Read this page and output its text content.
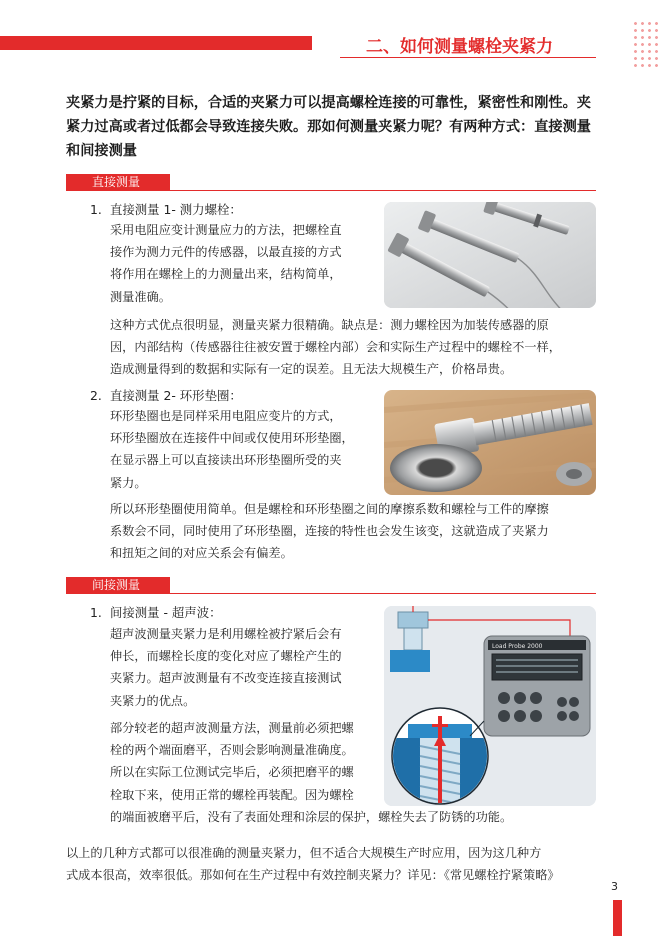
二、如何测量螺栓夹紧力
夹紧力是拧紧的目标，合适的夹紧力可以提高螺栓连接的可靠性，紧密性和刚性。夹紧力过高或者过低都会导致连接失败。那如何测量夹紧力呢？有两种方式：直接测量和间接测量
直接测量
1. 直接测量 1- 测力螺栓：
采用电阻应变计测量应力的方法，把螺栓直
接作为测力元件的传感器，以最直接的方式
将作用在螺栓上的力测量出来，结构简单，
测量准确。
这种方式优点很明显，测量夹紧力很精确。缺点是：测力螺栓因为加装传感器的原
因，内部结构（传感器往往被安置于螺栓内部）会和实际生产过程中的螺栓不一样，
造成测量得到的数据和实际有一定的误差。且无法大规模生产，价格昂贵。
2. 直接测量 2- 环形垫圈：
环形垫圈也是同样采用电阻应变片的方式，
环形垫圈放在连接件中间或仅使用环形垫圈，
在显示器上可以直接读出环形垫圈所受的夹
紧力。
所以环形垫圈使用简单。但是螺栓和环形垫圈之间的摩擦系数和螺栓与工件的摩擦
系数会不同，同时使用了环形垫圈，连接的特性也会发生该变，这就造成了夹紧力
和扭矩之间的对应关系会有偏差。
间接测量
1. 间接测量 - 超声波：
超声波测量夹紧力是利用螺栓被拧紧后会有
伸长，而螺栓长度的变化对应了螺栓产生的
夹紧力。超声波测量有不改变连接直接测试
夹紧力的优点。
部分较老的超声波测量方法，测量前必须把螺
栓的两个端面磨平，否则会影响测量准确度。
所以在实际工位测试完毕后，必须把磨平的螺
栓取下来，使用正常的螺栓再装配。因为螺栓
的端面被磨平后，没有了表面处理和涂层的保护，螺栓失去了防锈的功能。
Load Probe 2000
以上的几种方式都可以很准确的测量夹紧力，但不适合大规模生产时应用，因为这几种方
式成本很高，效率很低。那如何在生产过程中有效控制夹紧力？详见：《常见螺栓拧紧策略》
3
